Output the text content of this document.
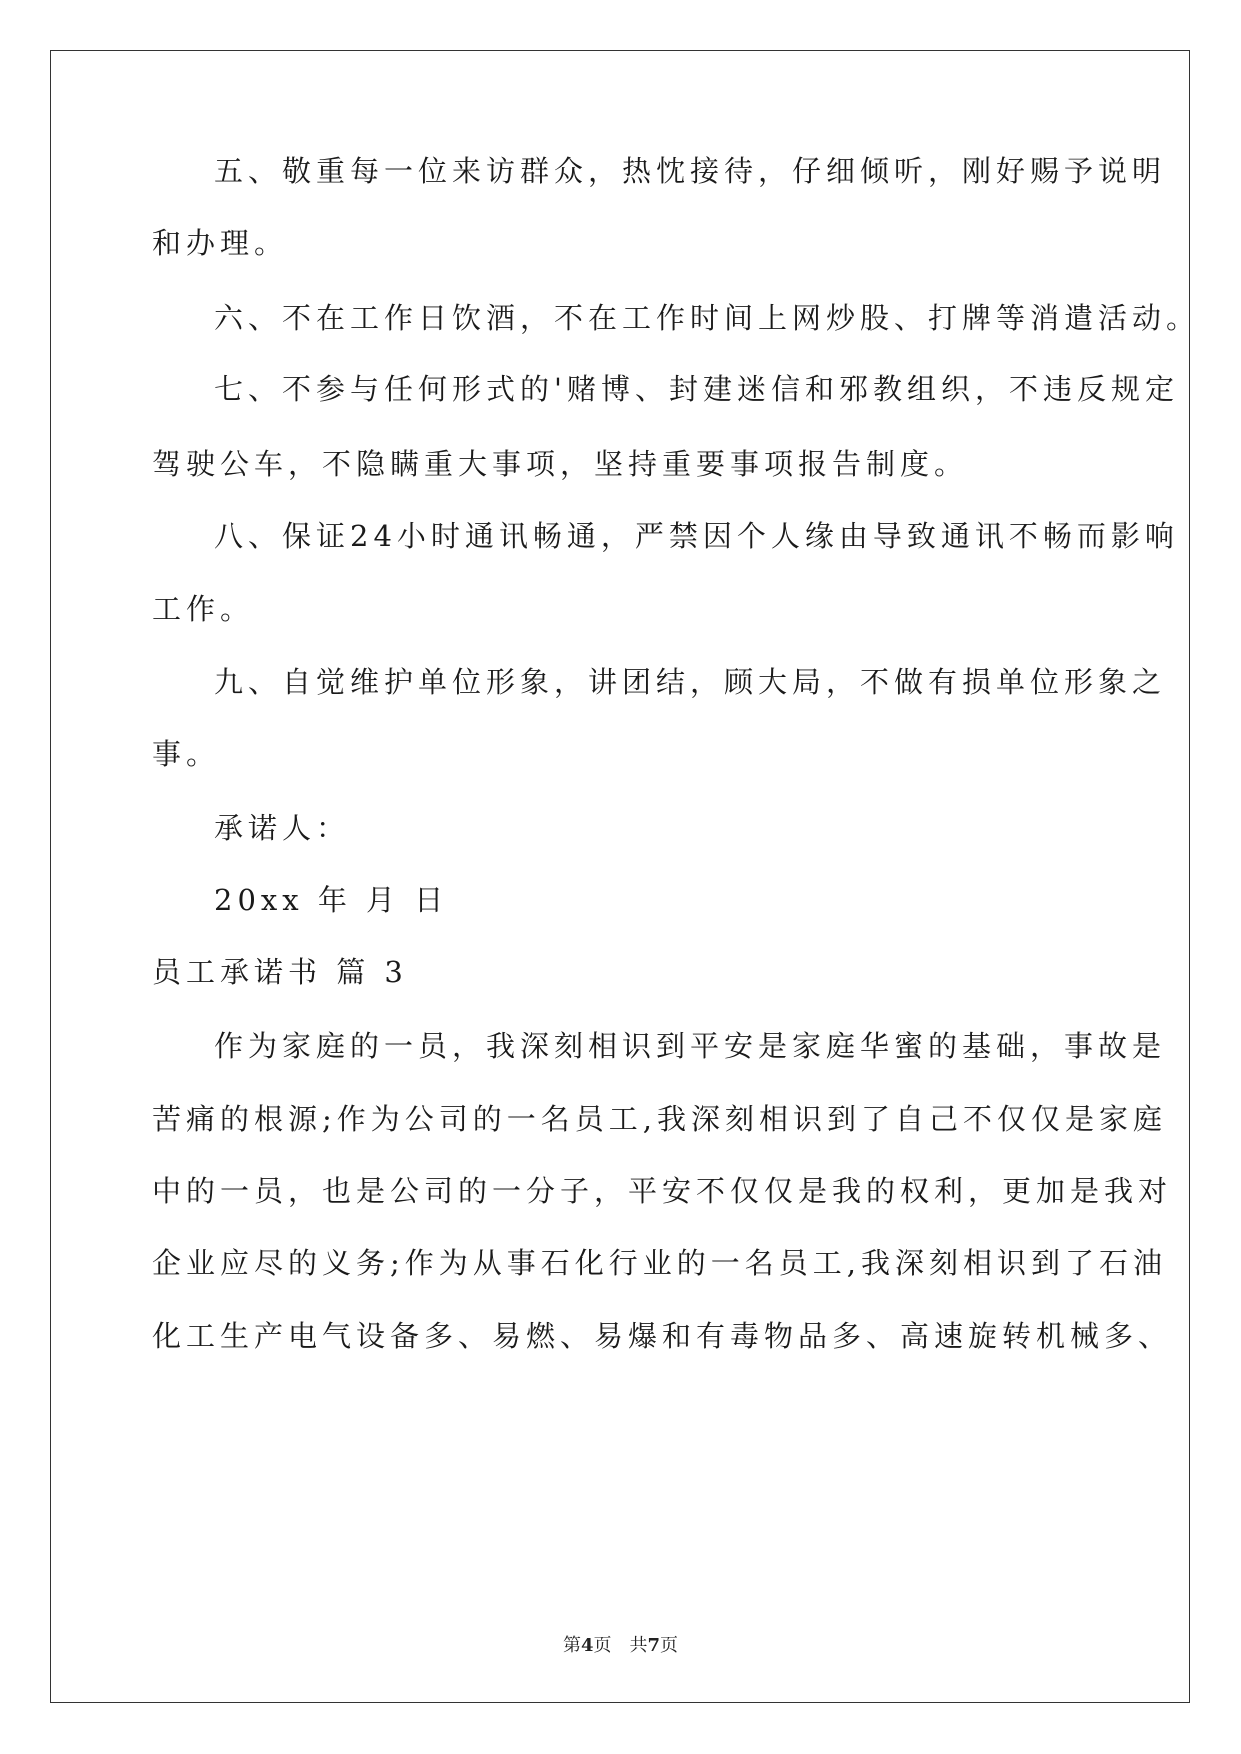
五、敬重每一位来访群众，热忱接待，仔细倾听，刚好赐予说明
和办理。
六、不在工作日饮酒，不在工作时间上网炒股、打牌等消遣活动。
七、不参与任何形式的'赌博、封建迷信和邪教组织，不违反规定
驾驶公车，不隐瞒重大事项，坚持重要事项报告制度。
八、保证24小时通讯畅通，严禁因个人缘由导致通讯不畅而影响
工作。
九、自觉维护单位形象，讲团结，顾大局，不做有损单位形象之
事。
承诺人：
20xx 年 月 日
员工承诺书 篇 3
作为家庭的一员，我深刻相识到平安是家庭华蜜的基础，事故是
苦痛的根源;作为公司的一名员工,我深刻相识到了自己不仅仅是家庭
中的一员，也是公司的一分子，平安不仅仅是我的权利，更加是我对
企业应尽的义务;作为从事石化行业的一名员工,我深刻相识到了石油
化工生产电气设备多、易燃、易爆和有毒物品多、高速旋转机械多、
第4页 共7页
